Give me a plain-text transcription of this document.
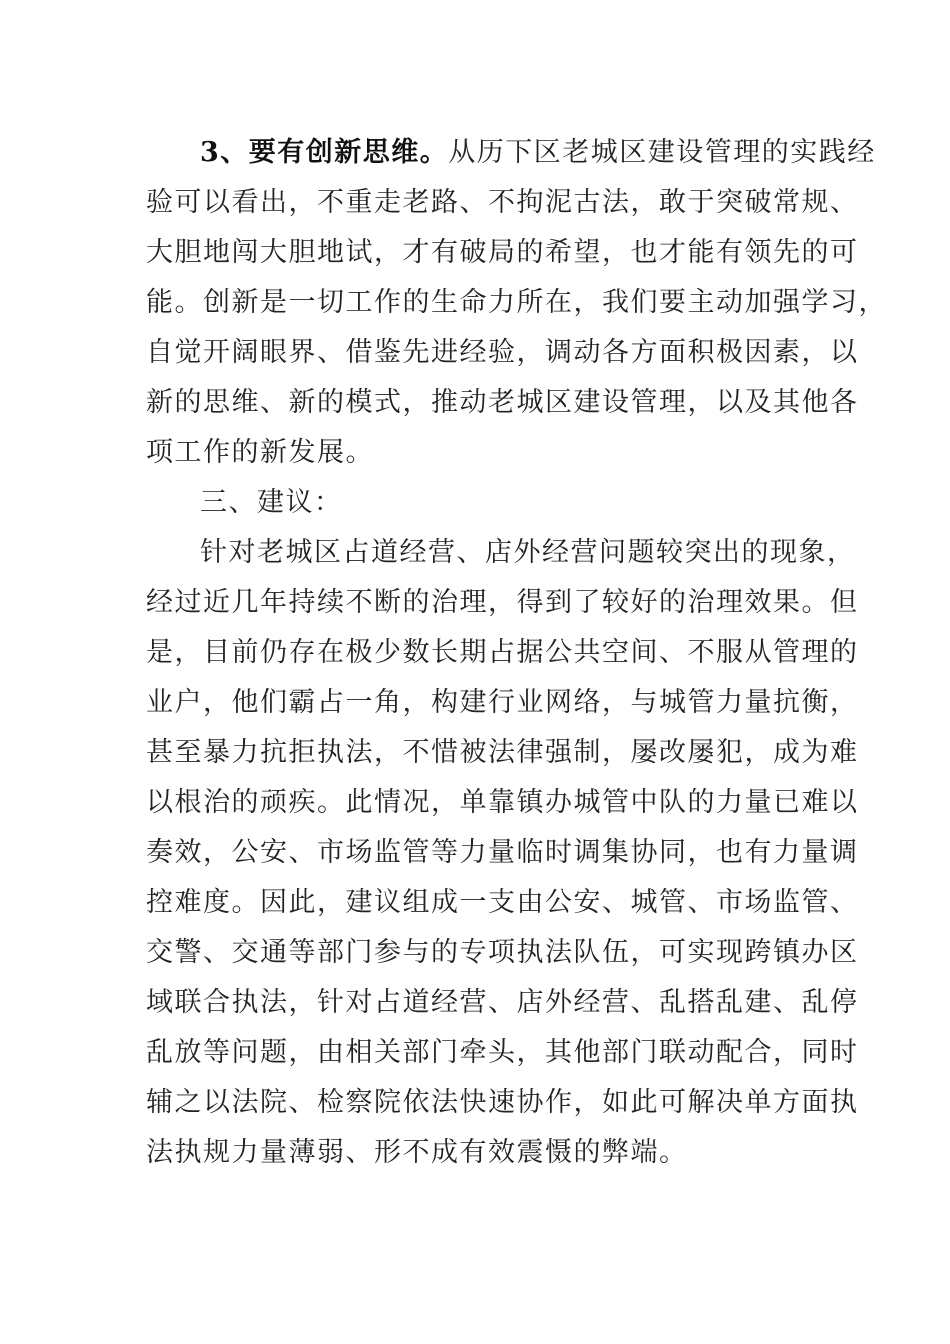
3、要有创新思维。从历下区老城区建设管理的实践经
验可以看出，不重走老路、不拘泥古法，敢于突破常规、
大胆地闯大胆地试，才有破局的希望，也才能有领先的可
能。创新是一切工作的生命力所在，我们要主动加强学习，
自觉开阔眼界、借鉴先进经验，调动各方面积极因素，以
新的思维、新的模式，推动老城区建设管理，以及其他各
项工作的新发展。
三、建议：
针对老城区占道经营、店外经营问题较突出的现象，
经过近几年持续不断的治理，得到了较好的治理效果。但
是，目前仍存在极少数长期占据公共空间、不服从管理的
业户，他们霸占一角，构建行业网络，与城管力量抗衡，
甚至暴力抗拒执法，不惜被法律强制，屡改屡犯，成为难
以根治的顽疾。此情况，单靠镇办城管中队的力量已难以
奏效，公安、市场监管等力量临时调集协同，也有力量调
控难度。因此，建议组成一支由公安、城管、市场监管、
交警、交通等部门参与的专项执法队伍，可实现跨镇办区
域联合执法，针对占道经营、店外经营、乱搭乱建、乱停
乱放等问题，由相关部门牵头，其他部门联动配合，同时
辅之以法院、检察院依法快速协作，如此可解决单方面执
法执规力量薄弱、形不成有效震慑的弊端。
